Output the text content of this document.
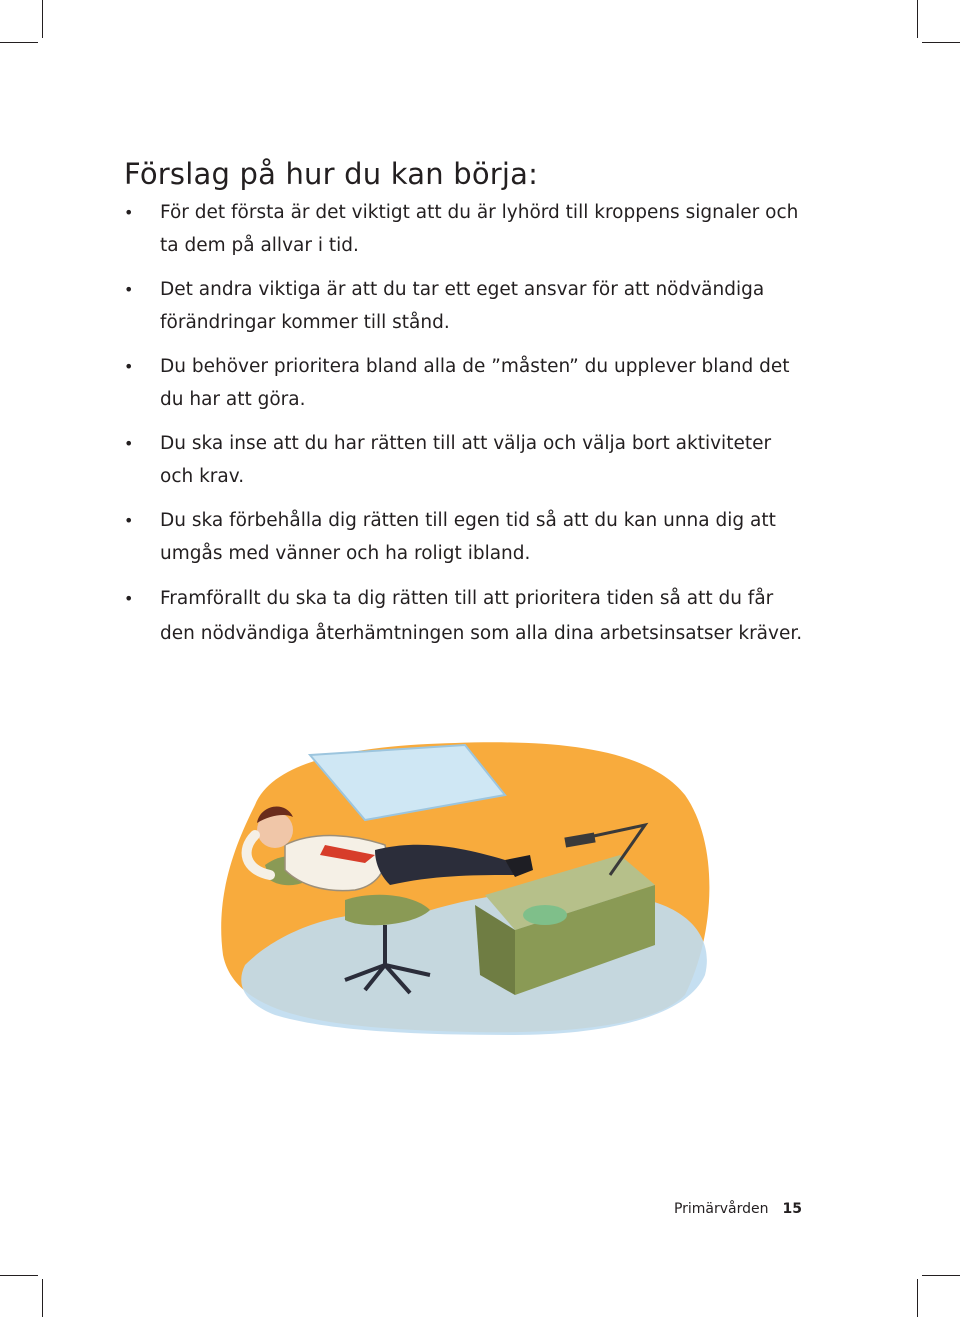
Förslag på hur du kan börja:
• För det första är det viktigt att du är lyhörd till kroppens signaler och ta dem på allvar i tid.
• Det andra viktiga är att du tar ett eget ansvar för att nödvändiga förändringar kommer till stånd.
• Du behöver prioritera bland alla de ”måsten” du upplever bland det du har att göra.
• Du ska inse att du har rätten till att välja och välja bort aktiviteter och krav.
• Du ska förbehålla dig rätten till egen tid så att du kan unna dig att umgås med vänner och ha roligt ibland.
• Framförallt du ska ta dig rätten till att prioritera tiden så att du får den nödvändiga återhämtningen som alla dina arbetsinsatser kräver.
Primärvården 15
